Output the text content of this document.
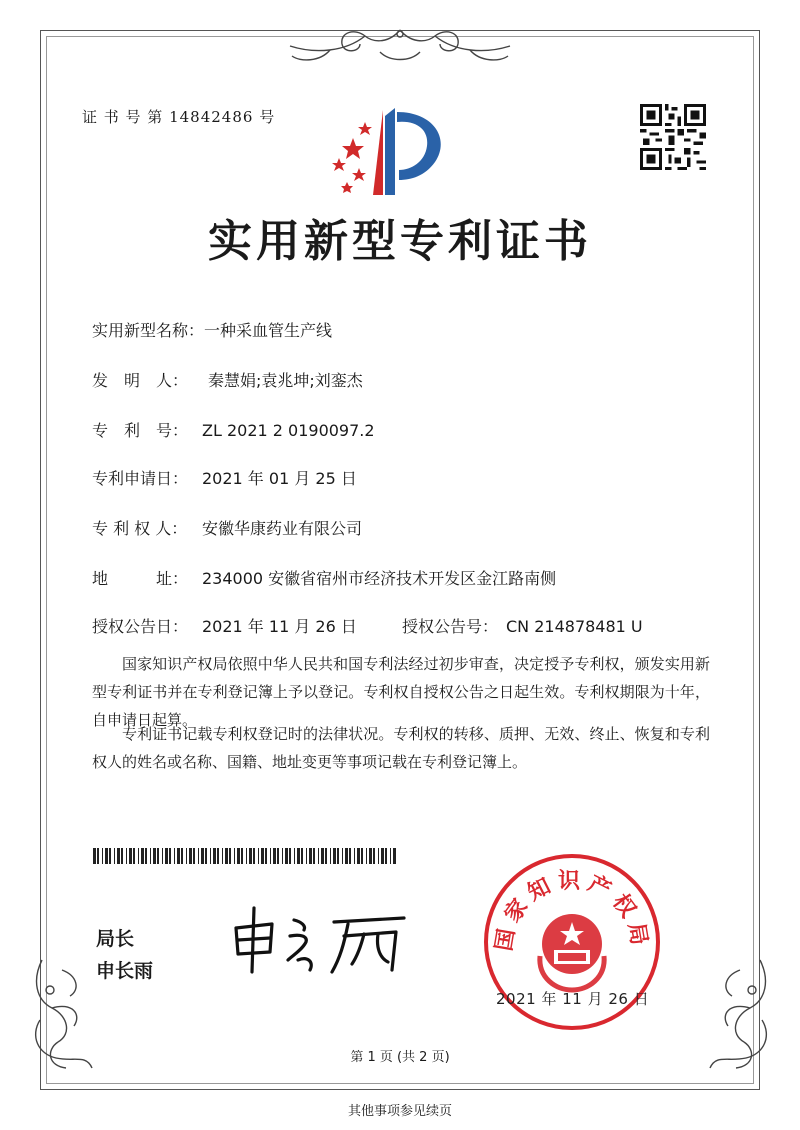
证 书 号 第 14842486 号
实用新型专利证书
实用新型名称：一种采血管生产线
发　明　人： 秦慧娟;袁兆坤;刘銮杰
专　利　号： ZL 2021 2 0190097.2
专利申请日： 2021 年 01 月 25 日
专 利 权 人： 安徽华康药业有限公司
地　　　址： 234000 安徽省宿州市经济技术开发区金江路南侧
授权公告日： 2021 年 11 月 26 日	授权公告号： CN 214878481 U
国家知识产权局依照中华人民共和国专利法经过初步审查，决定授予专利权，颁发实用新型专利证书并在专利登记簿上予以登记。专利权自授权公告之日起生效。专利权期限为十年，自申请日起算。
专利证书记载专利权登记时的法律状况。专利权的转移、质押、无效、终止、恢复和专利权人的姓名或名称、国籍、地址变更等事项记载在专利登记簿上。
局长
申长雨
国家知识产权局
2021 年 11 月 26 日
第 1 页 (共 2 页)
其他事项参见续页
